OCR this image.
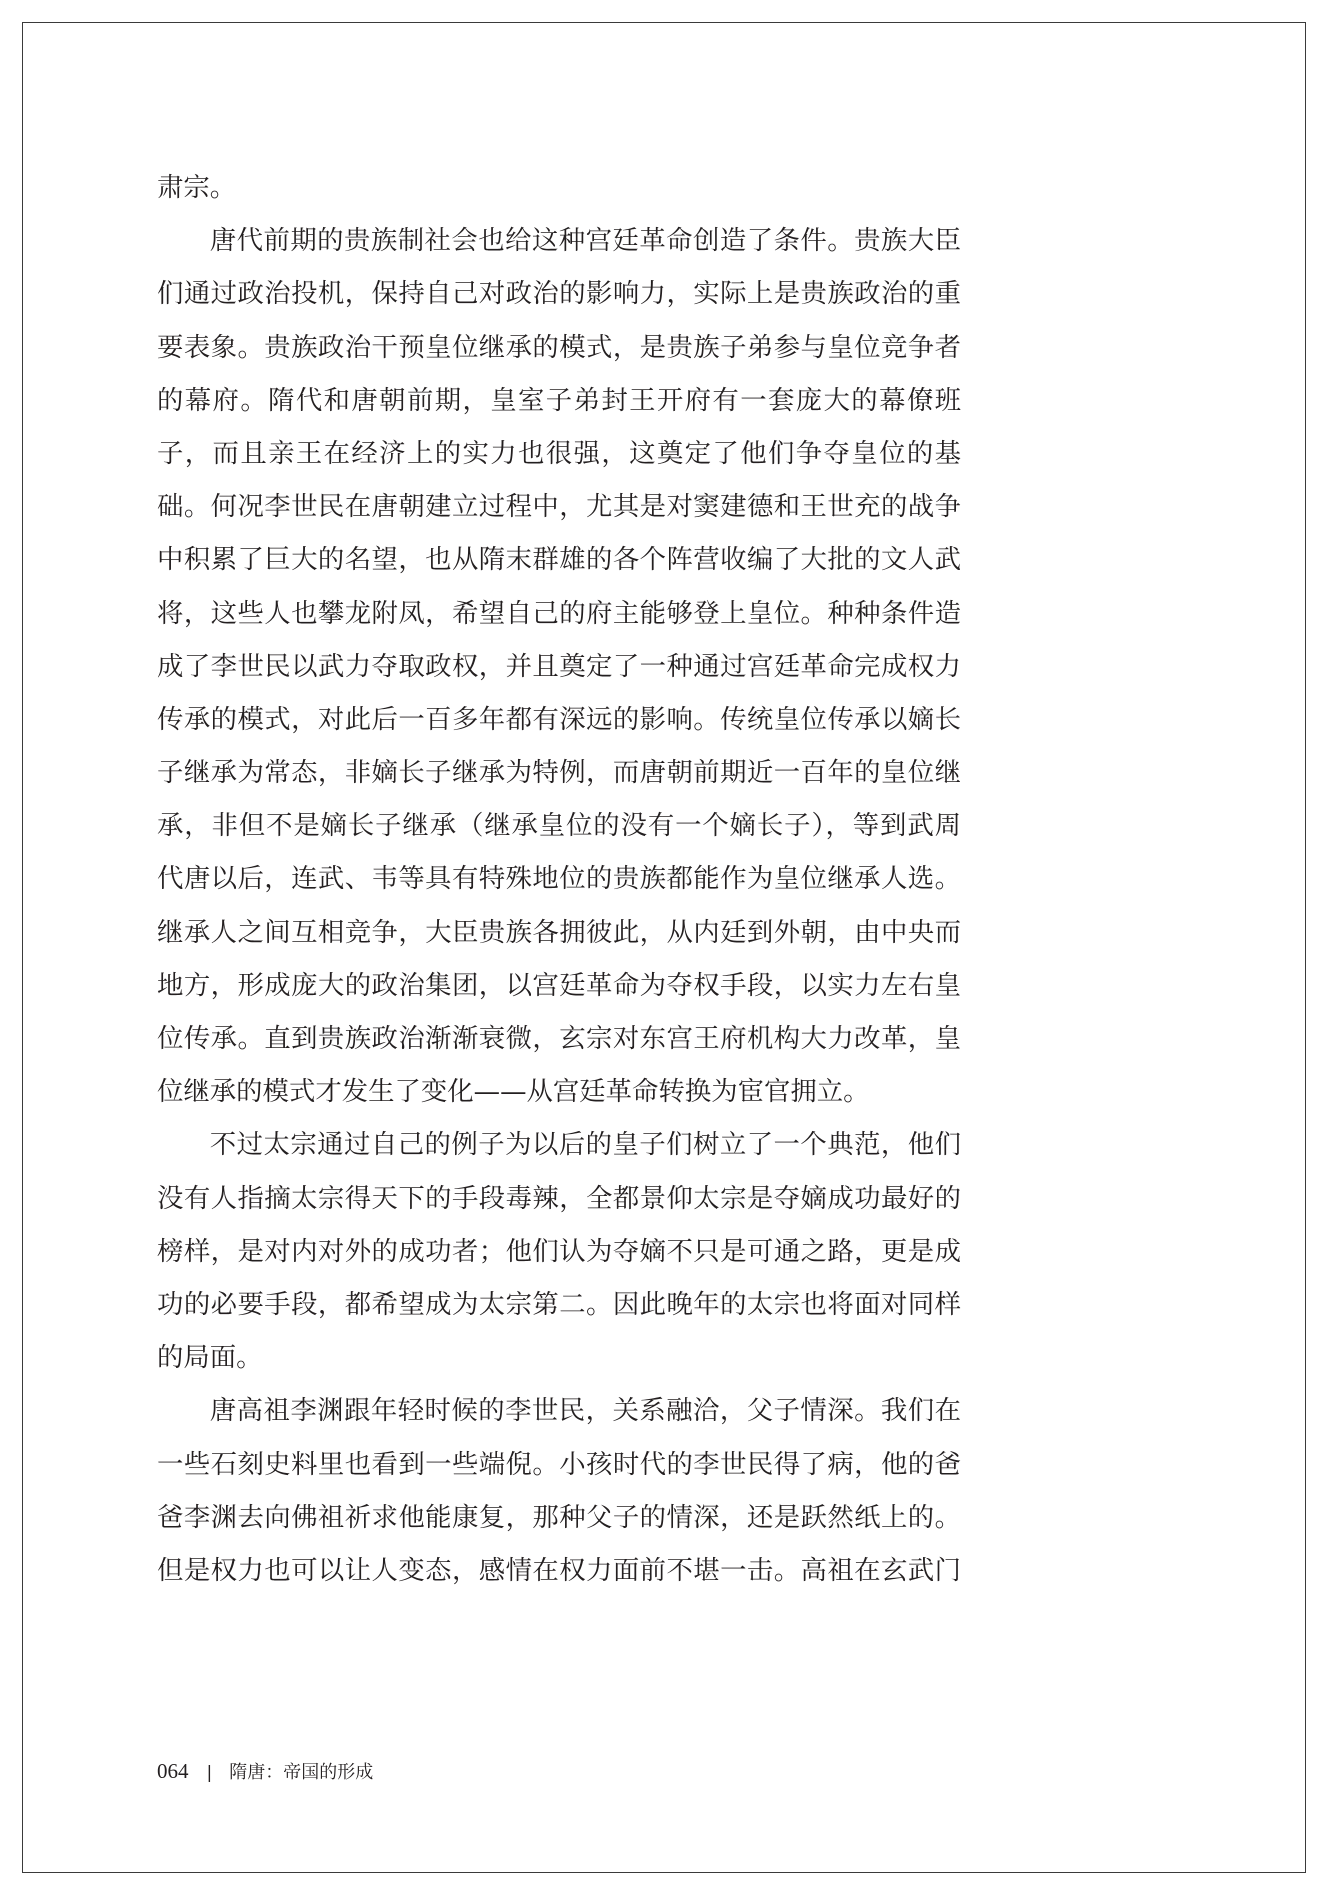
肃宗。
唐代前期的贵族制社会也给这种宫廷革命创造了条件。贵族大臣
们通过政治投机，保持自己对政治的影响力，实际上是贵族政治的重
要表象。贵族政治干预皇位继承的模式，是贵族子弟参与皇位竞争者
的幕府。隋代和唐朝前期，皇室子弟封王开府有一套庞大的幕僚班
子，而且亲王在经济上的实力也很强，这奠定了他们争夺皇位的基
础。何况李世民在唐朝建立过程中，尤其是对窦建德和王世充的战争
中积累了巨大的名望，也从隋末群雄的各个阵营收编了大批的文人武
将，这些人也攀龙附凤，希望自己的府主能够登上皇位。种种条件造
成了李世民以武力夺取政权，并且奠定了一种通过宫廷革命完成权力
传承的模式，对此后一百多年都有深远的影响。传统皇位传承以嫡长
子继承为常态，非嫡长子继承为特例，而唐朝前期近一百年的皇位继
承，非但不是嫡长子继承（继承皇位的没有一个嫡长子），等到武周
代唐以后，连武、韦等具有特殊地位的贵族都能作为皇位继承人选。
继承人之间互相竞争，大臣贵族各拥彼此，从内廷到外朝，由中央而
地方，形成庞大的政治集团，以宫廷革命为夺权手段，以实力左右皇
位传承。直到贵族政治渐渐衰微，玄宗对东宫王府机构大力改革，皇
位继承的模式才发生了变化——从宫廷革命转换为宦官拥立。
不过太宗通过自己的例子为以后的皇子们树立了一个典范，他们
没有人指摘太宗得天下的手段毒辣，全都景仰太宗是夺嫡成功最好的
榜样，是对内对外的成功者；他们认为夺嫡不只是可通之路，更是成
功的必要手段，都希望成为太宗第二。因此晚年的太宗也将面对同样
的局面。
唐高祖李渊跟年轻时候的李世民，关系融洽，父子情深。我们在
一些石刻史料里也看到一些端倪。小孩时代的李世民得了病，他的爸
爸李渊去向佛祖祈求他能康复，那种父子的情深，还是跃然纸上的。
但是权力也可以让人变态，感情在权力面前不堪一击。高祖在玄武门
064 | 隋唐：帝国的形成
